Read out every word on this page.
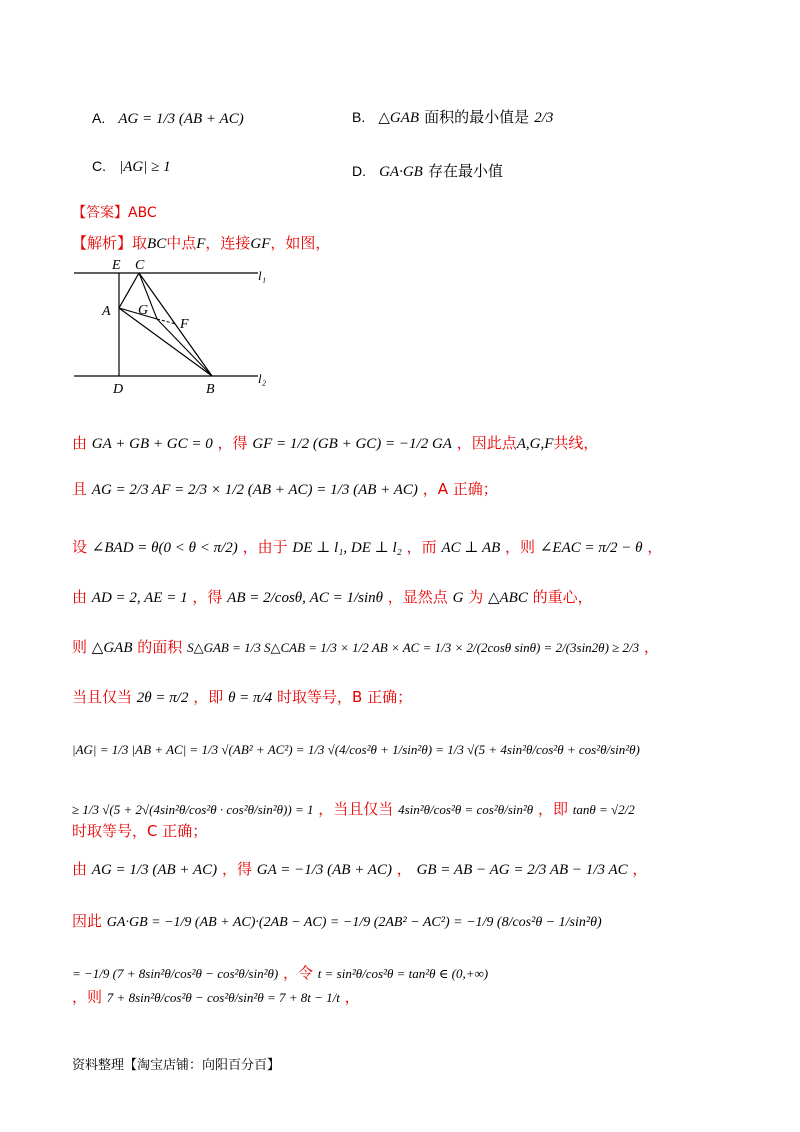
A. AG = 1/3 (AB + AC)	B. △GAB 面积的最小值是 2/3
C. |AG| ≥ 1	D. GA·GB 存在最小值
【答案】ABC
【解析】取BC中点F，连接GF，如图，
E C
l₁
A G
F
D	B
l₂
由 GA + GB + GC = 0 ，得 GF = 1/2 (GB + GC) = −1/2 GA ，因此点A,G,F共线，
且 AG = 2/3 AF = 2/3 × 1/2 (AB + AC) = 1/3 (AB + AC) ，A 正确；
设 ∠BAD = θ(0 < θ < π/2) ，由于 DE ⊥ l₁, DE ⊥ l₂ ，而 AC ⊥ AB ，则 ∠EAC = π/2 − θ ，
由 AD = 2, AE = 1 ，得 AB = 2/cosθ, AC = 1/sinθ ，显然点 G 为 △ABC 的重心，
则 △GAB 的面积 S△GAB = 1/3 S△CAB = 1/3 × 1/2 AB × AC = 1/3 × 2/(2cosθ sinθ) = 2/(3sin2θ) ≥ 2/3 ，
当且仅当 2θ = π/2 ，即 θ = π/4 时取等号，B 正确；
|AG| = 1/3 |AB + AC| = 1/3 √(AB² + AC²) = 1/3 √(4/cos²θ + 1/sin²θ) = 1/3 √(5 + 4sin²θ/cos²θ + cos²θ/sin²θ)
≥ 1/3 √(5 + 2√(4sin²θ/cos²θ · cos²θ/sin²θ)) = 1 ，当且仅当 4sin²θ/cos²θ = cos²θ/sin²θ ，即 tanθ = √2/2
时取等号，C 正确；
由 AG = 1/3 (AB + AC) ，得 GA = −1/3 (AB + AC) ， GB = AB − AG = 2/3 AB − 1/3 AC ，
因此 GA·GB = −1/9 (AB + AC)·(2AB − AC) = −1/9 (2AB² − AC²) = −1/9 (8/cos²θ − 1/sin²θ)
= −1/9 (7 + 8sin²θ/cos²θ − cos²θ/sin²θ) ，令 t = sin²θ/cos²θ = tan²θ ∈ (0,+∞)
，则 7 + 8sin²θ/cos²θ − cos²θ/sin²θ = 7 + 8t − 1/t ，
资料整理【淘宝店铺：向阳百分百】
